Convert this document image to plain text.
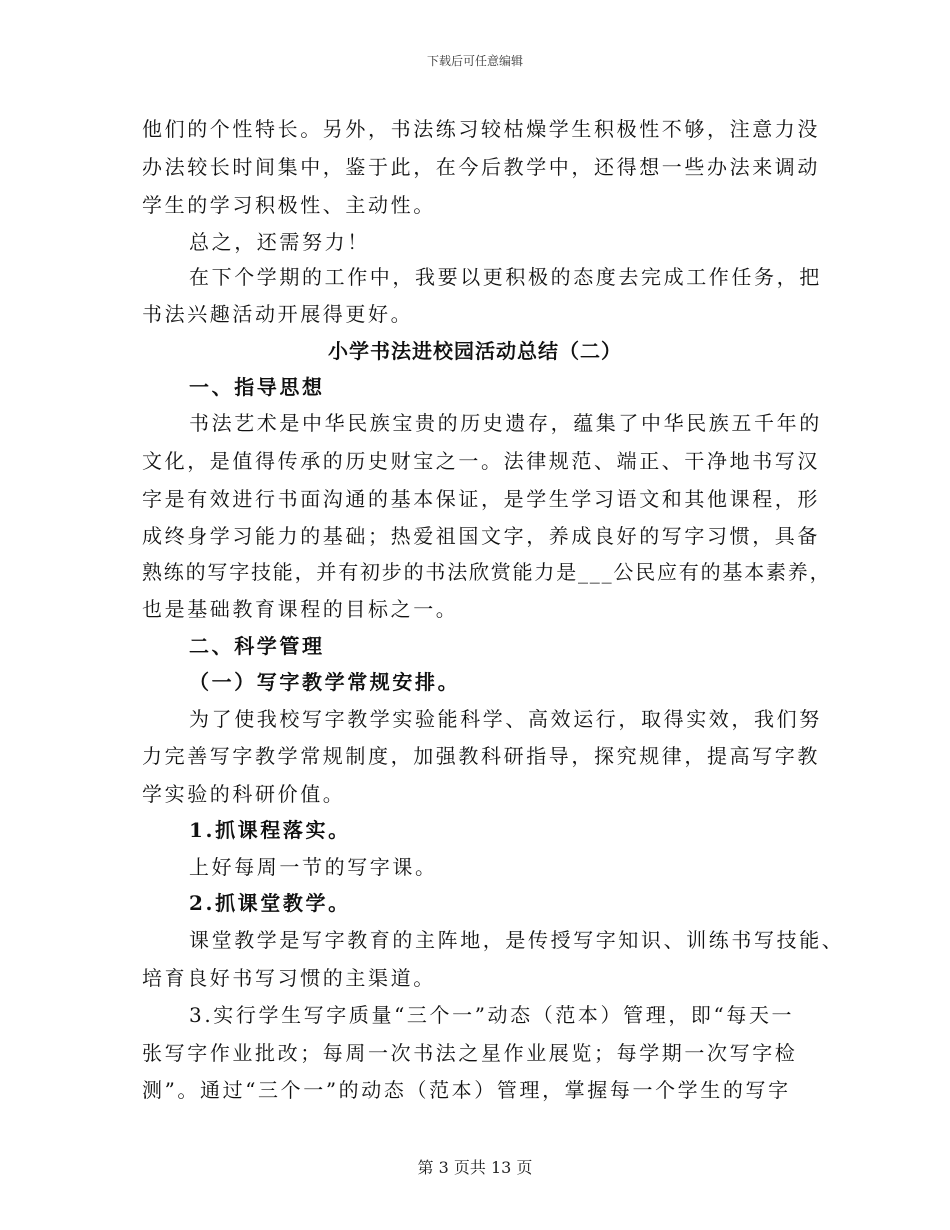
下载后可任意编辑
他们的个性特长。另外，书法练习较枯燥学生积极性不够，注意力没
办法较长时间集中，鉴于此，在今后教学中，还得想一些办法来调动
学生的学习积极性、主动性。
总之，还需努力！
在下个学期的工作中，我要以更积极的态度去完成工作任务，把
书法兴趣活动开展得更好。
小学书法进校园活动总结（二）
一、指导思想
书法艺术是中华民族宝贵的历史遗存，蕴集了中华民族五千年的
文化，是值得传承的历史财宝之一。法律规范、端正、干净地书写汉
字是有效进行书面沟通的基本保证，是学生学习语文和其他课程，形
成终身学习能力的基础；热爱祖国文字，养成良好的写字习惯，具备
熟练的写字技能，并有初步的书法欣赏能力是___公民应有的基本素养，
也是基础教育课程的目标之一。
二、科学管理
（一）写字教学常规安排。
为了使我校写字教学实验能科学、高效运行，取得实效，我们努
力完善写字教学常规制度，加强教科研指导，探究规律，提高写字教
学实验的科研价值。
1.抓课程落实。
上好每周一节的写字课。
2.抓课堂教学。
课堂教学是写字教育的主阵地，是传授写字知识、训练书写技能、
培育良好书写习惯的主渠道。
3.实行学生写字质量“三个一”动态（范本）管理，即“每天一
张写字作业批改；每周一次书法之星作业展览；每学期一次写字检
测”。通过“三个一”的动态（范本）管理，掌握每一个学生的写字
第 3 页共 13 页
